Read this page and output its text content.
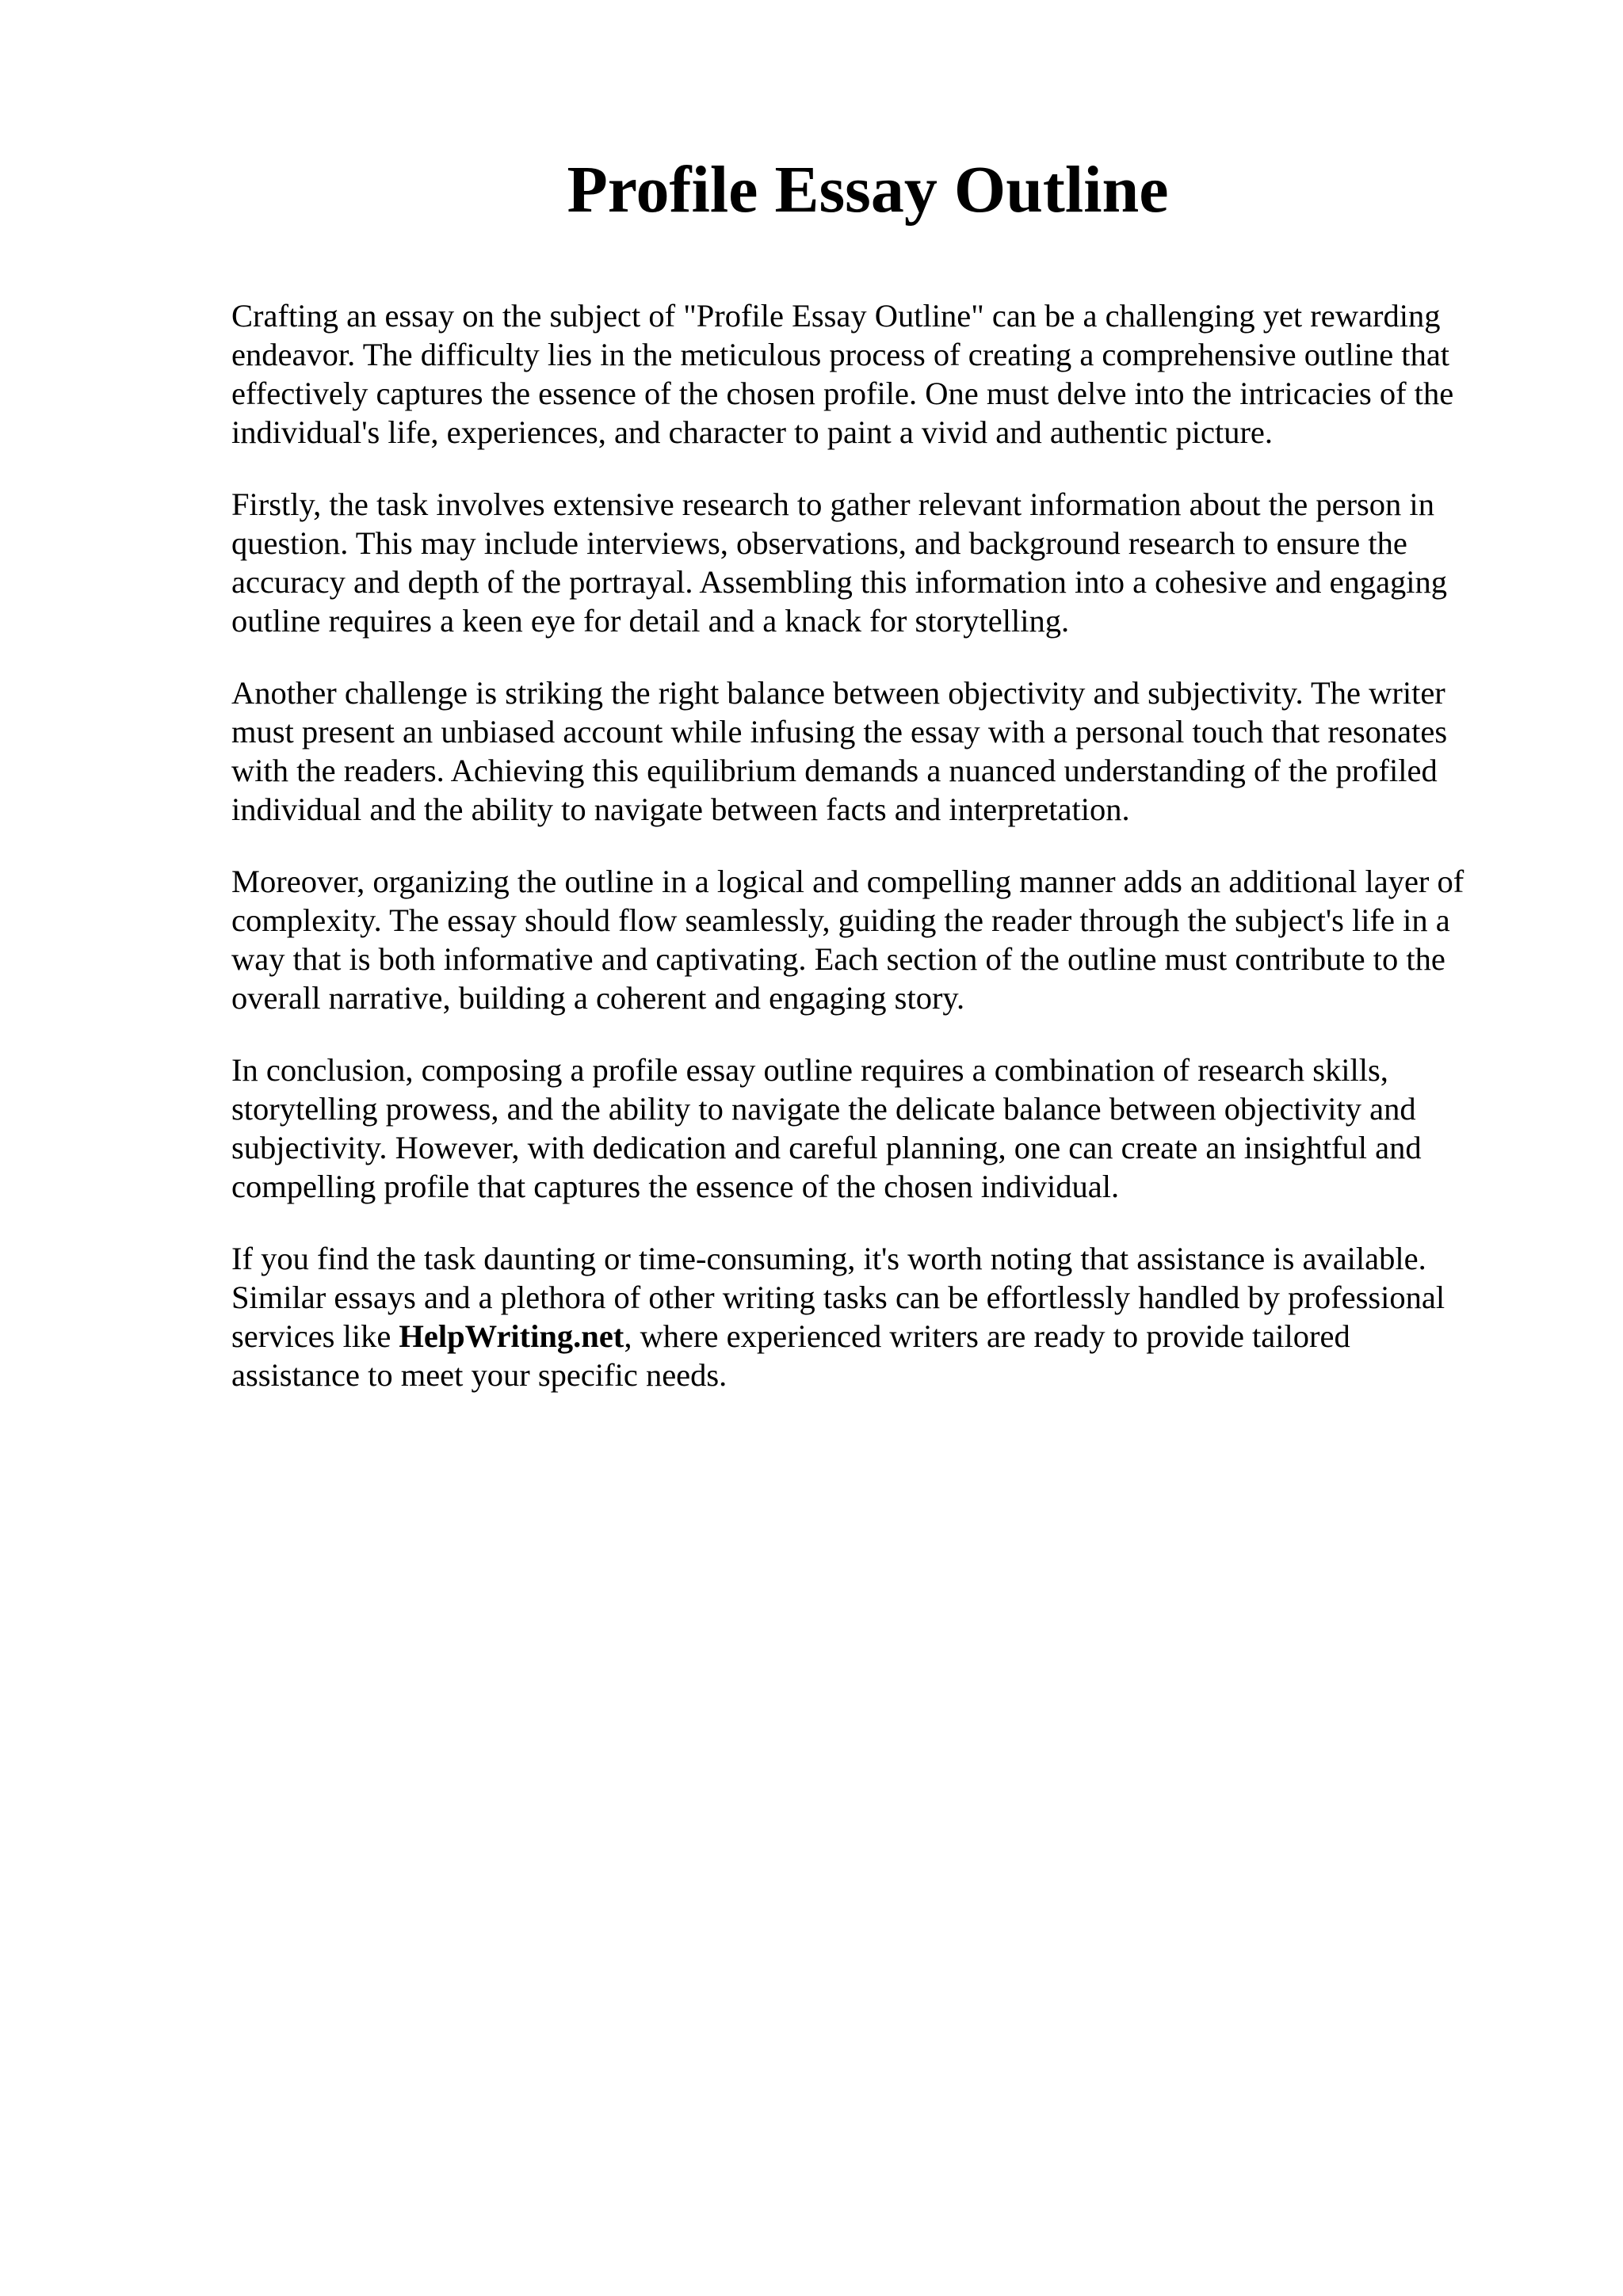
Profile Essay Outline

Crafting an essay on the subject of "Profile Essay Outline" can be a challenging yet rewarding
endeavor. The difficulty lies in the meticulous process of creating a comprehensive outline that
effectively captures the essence of the chosen profile. One must delve into the intricacies of the
individual's life, experiences, and character to paint a vivid and authentic picture.

Firstly, the task involves extensive research to gather relevant information about the person in
question. This may include interviews, observations, and background research to ensure the
accuracy and depth of the portrayal. Assembling this information into a cohesive and engaging
outline requires a keen eye for detail and a knack for storytelling.

Another challenge is striking the right balance between objectivity and subjectivity. The writer
must present an unbiased account while infusing the essay with a personal touch that resonates
with the readers. Achieving this equilibrium demands a nuanced understanding of the profiled
individual and the ability to navigate between facts and interpretation.

Moreover, organizing the outline in a logical and compelling manner adds an additional layer of
complexity. The essay should flow seamlessly, guiding the reader through the subject's life in a
way that is both informative and captivating. Each section of the outline must contribute to the
overall narrative, building a coherent and engaging story.

In conclusion, composing a profile essay outline requires a combination of research skills,
storytelling prowess, and the ability to navigate the delicate balance between objectivity and
subjectivity. However, with dedication and careful planning, one can create an insightful and
compelling profile that captures the essence of the chosen individual.

If you find the task daunting or time-consuming, it's worth noting that assistance is available.
Similar essays and a plethora of other writing tasks can be effortlessly handled by professional
services like HelpWriting.net, where experienced writers are ready to provide tailored
assistance to meet your specific needs.
